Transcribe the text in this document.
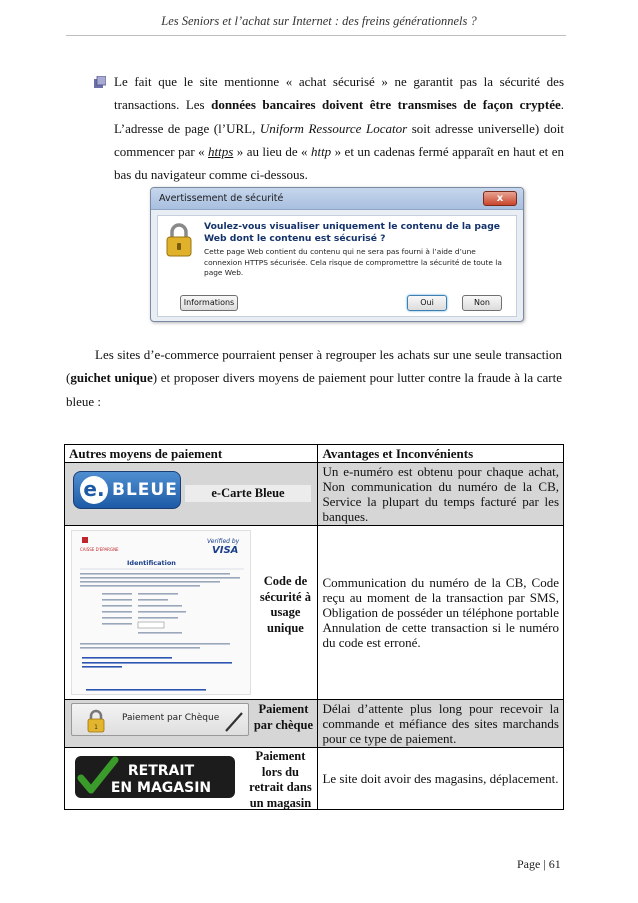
Les Seniors et l’achat sur Internet : des freins générationnels ?

Le fait que le site mentionne « achat sécurisé » ne garantit pas la sécurité des transactions. Les données bancaires doivent être transmises de façon cryptée. L’adresse de page (l’URL, Uniform Ressource Locator soit adresse universelle) doit commencer par « https » au lieu de « http » et un cadenas fermé apparaît en haut et en bas du navigateur comme ci-dessous.

Avertissement de sécurité	x
Voulez-vous visualiser uniquement le contenu de la page Web dont le contenu est sécurisé ?
Cette page Web contient du contenu qui ne sera pas fourni à l’aide d’une connexion HTTPS sécurisée. Cela risque de compromettre la sécurité de toute la page Web.
Informations	Oui	Non

Les sites d’e-commerce pourraient penser à regrouper les achats sur une seule transaction (guichet unique) et proposer divers moyens de paiement pour lutter contre la fraude à la carte bleue :

Autres moyens de paiement	Avantages et Inconvénients

e. BLEUE e-Carte Bleue	Un e-numéro est obtenu pour chaque achat, Non communication du numéro de la CB, Service la plupart du temps facturé par les banques.

CAISSE D'EPARGNE
Verified by
VISA
Identification
Code de sécurité à usage unique	Communication du numéro de la CB, Code reçu au moment de la transaction par SMS, Obligation de posséder un téléphone portable Annulation de cette transaction si le numéro du code est erroné.

1
Paiement par Chèque
Paiement par chèque	Délai d’attente plus long pour recevoir la commande et méfiance des sites marchands pour ce type de paiement.

RETRAIT
EN MAGASIN
Paiement lors du retrait dans un magasin	Le site doit avoir des magasins, déplacement.
Page | 61
